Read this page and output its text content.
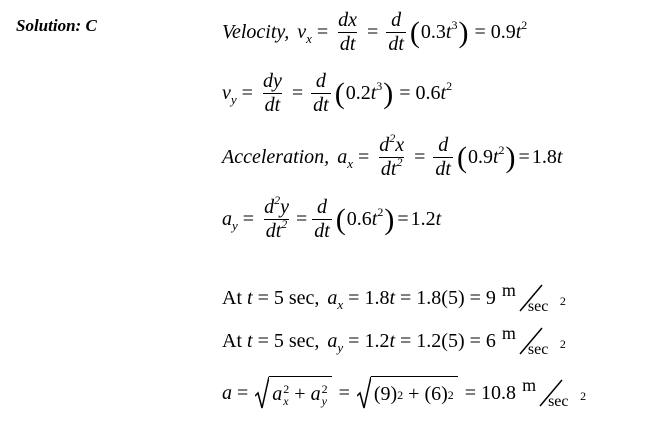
Solution: C	Velocity, $v_x = \frac{dx}{dt} = \frac{d}{dt}$ ( $0.3t^3$ ) = $0.9t^2$
$v_y = \frac{dy}{dt} = \frac{d}{dt}$ ( $0.2t^3$ ) = $0.6t^2$
Acceleration, $a_x = \frac{d^2x}{dt^2} = \frac{d}{dt}$ ( $0.9t^2$ ) = 1.8t
$a_y = \frac{d^2y}{dt^2} = \frac{d}{dt}$ ( $0.6t^2$ ) = 1.2t
At
t
= 5 sec, $a_x$
= 1.8 t
= 1.8(5) = 9 m
sec 2
At
t
= 5 sec, $a_y$
= 1.2 t
= 1.2(5) = 6 m
sec 2
a = a 2
x + a 2
y = (9) 2 + (6) 2
= 10.8 m
sec 2
